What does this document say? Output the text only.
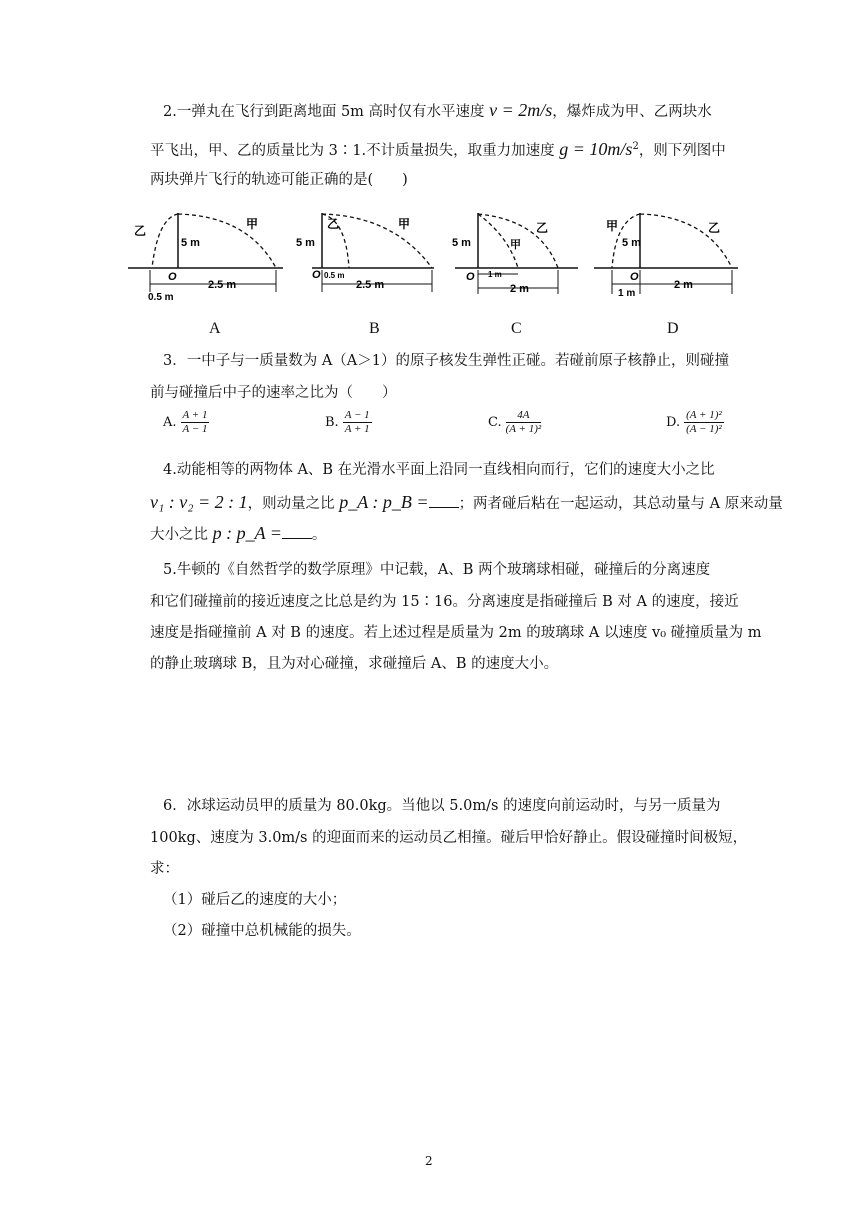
2.一弹丸在飞行到距离地面 5m 高时仅有水平速度 v = 2m/s，爆炸成为甲、乙两块水
平飞出，甲、乙的质量比为 3∶1.不计质量损失，取重力加速度 $g = 10m/s^2$，则下列图中
两块弹片飞行的轨迹可能正确的是(　　)
乙	甲
5 m
O
0.5 m
2.5 m
乙	甲
5 m
O 0.5 m
2.5 m
甲
乙
5 m
O 1 m
2 m
甲	乙
5 m
O
1 m
2 m
A	B	C	D
3．一中子与一质量数为 A（A＞1）的原子核发生弹性正碰。若碰前原子核静止，则碰撞
前与碰撞后中子的速率之比为（　　）
A. $\frac{A + 1}{A - 1}$	B. $\frac{A - 1}{A + 1}$	C. $\frac{4A}{\text{(A + 1)²}}$	D. $\frac{\text{(A + 1)²}}{\text{(A − 1)²}}$
4.动能相等的两物体 A、B 在光滑水平面上沿同一直线相向而行，它们的速度大小之比
v₁ : v₂ = 2 : 1，则动量之比 p_A : p_B = ；两者碰后粘在一起运动，其总动量与 A 原来动量
大小之比 p : p_A = 。
5.牛顿的《自然哲学的数学原理》中记载，A、B 两个玻璃球相碰，碰撞后的分离速度
和它们碰撞前的接近速度之比总是约为 15∶16。分离速度是指碰撞后 B 对 A 的速度，接近
速度是指碰撞前 A 对 B 的速度。若上述过程是质量为 2m 的玻璃球 A 以速度 v₀ 碰撞质量为 m
的静止玻璃球 B，且为对心碰撞，求碰撞后 A、B 的速度大小。
6．冰球运动员甲的质量为 80.0kg。当他以 5.0m/s 的速度向前运动时，与另一质量为
100kg、速度为 3.0m/s 的迎面而来的运动员乙相撞。碰后甲恰好静止。假设碰撞时间极短，
求：
（1）碰后乙的速度的大小；
（2）碰撞中总机械能的损失。
2
